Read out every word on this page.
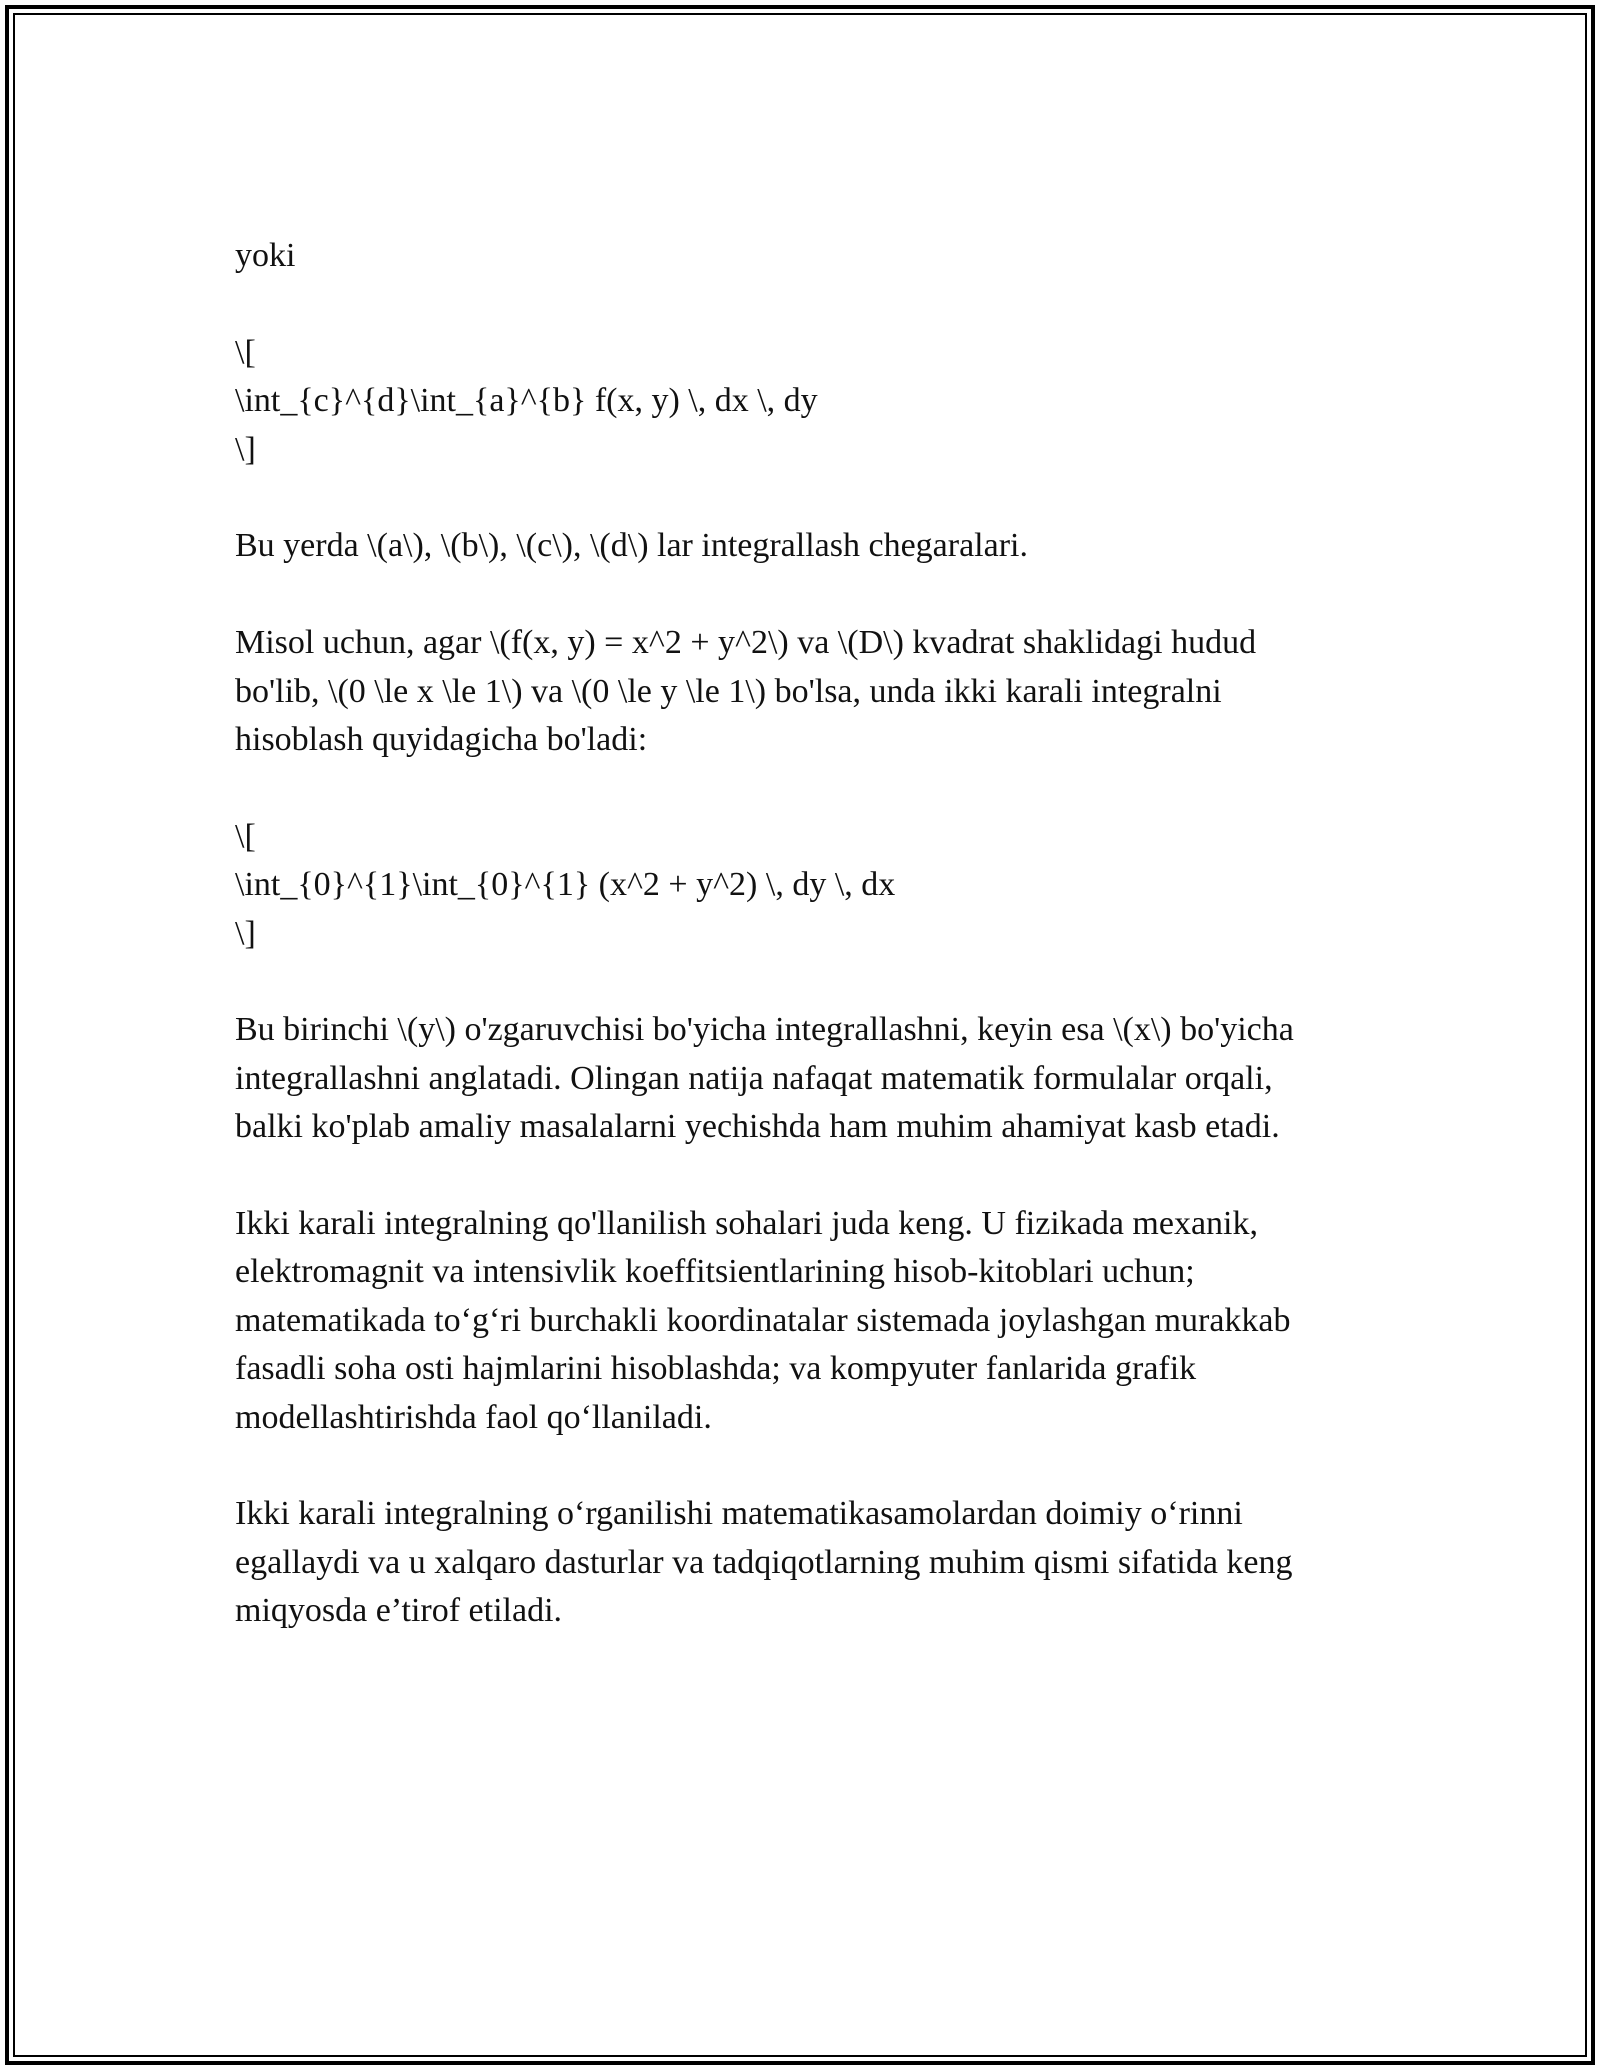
yoki

\[
\int_{c}^{d}\int_{a}^{b} f(x, y) \, dx \, dy
\]

Bu yerda \(a\), \(b\), \(c\), \(d\) lar integrallash chegaralari.

Misol uchun, agar \(f(x, y) = x^2 + y^2\) va \(D\) kvadrat shaklidagi hudud bo'lib, \(0 \le x \le 1\) va \(0 \le y \le 1\) bo'lsa, unda ikki karali integralni hisoblash quyidagicha bo'ladi:

\[
\int_{0}^{1}\int_{0}^{1} (x^2 + y^2) \, dy \, dx
\]

Bu birinchi \(y\) o'zgaruvchisi bo'yicha integrallashni, keyin esa \(x\) bo'yicha integrallashni anglatadi. Olingan natija nafaqat matematik formulalar orqali, balki ko'plab amaliy masalalarni yechishda ham muhim ahamiyat kasb etadi.

Ikki karali integralning qo'llanilish sohalari juda keng. U fizikada mexanik, elektromagnit va intensivlik koeffitsientlarining hisob-kitoblari uchun; matematikada to‘g‘ri burchakli koordinatalar sistemada joylashgan murakkab fasadli soha osti hajmlarini hisoblashda; va kompyuter fanlarida grafik modellashtirishda faol qo‘llaniladi.

Ikki karali integralning o‘rganilishi matematikasamolardan doimiy o‘rinni egallaydi va u xalqaro dasturlar va tadqiqotlarning muhim qismi sifatida keng miqyosda e’tirof etiladi.
